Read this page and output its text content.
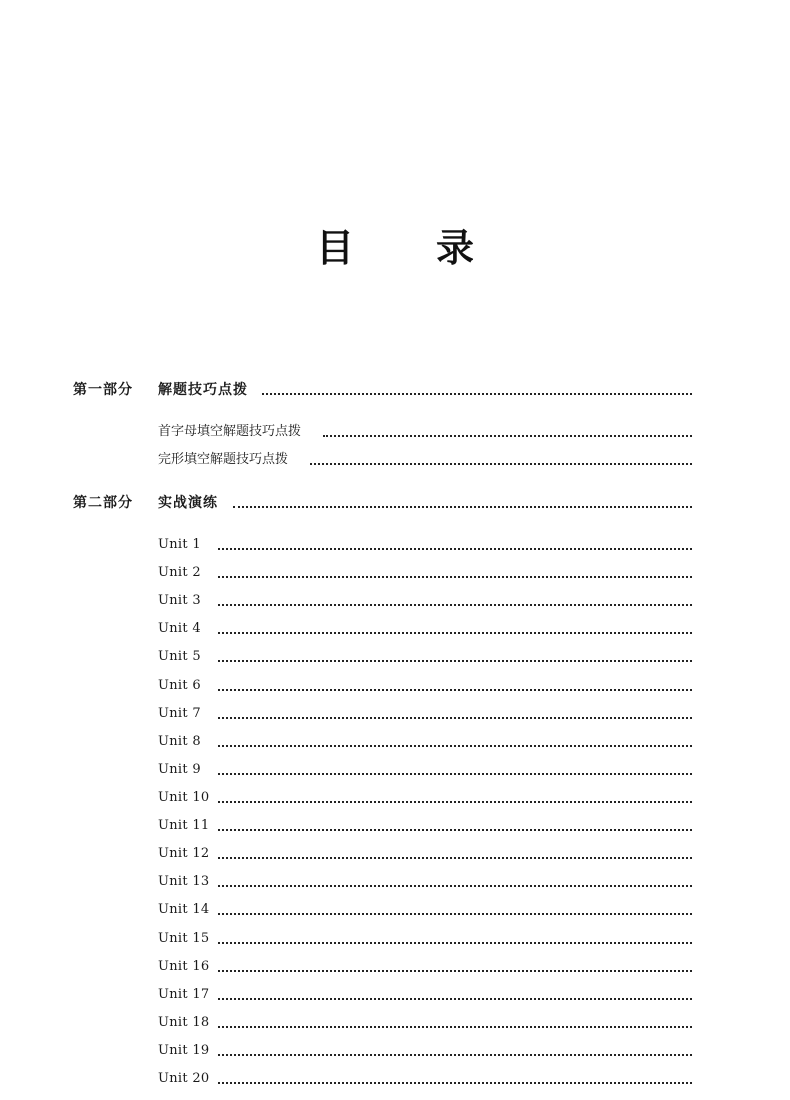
目 录
第一部分 解题技巧点拨
首字母填空解题技巧点拨
完形填空解题技巧点拨
第二部分 实战演练
Unit 1
Unit 2
Unit 3
Unit 4
Unit 5
Unit 6
Unit 7
Unit 8
Unit 9
Unit 10
Unit 11
Unit 12
Unit 13
Unit 14
Unit 15
Unit 16
Unit 17
Unit 18
Unit 19
Unit 20
